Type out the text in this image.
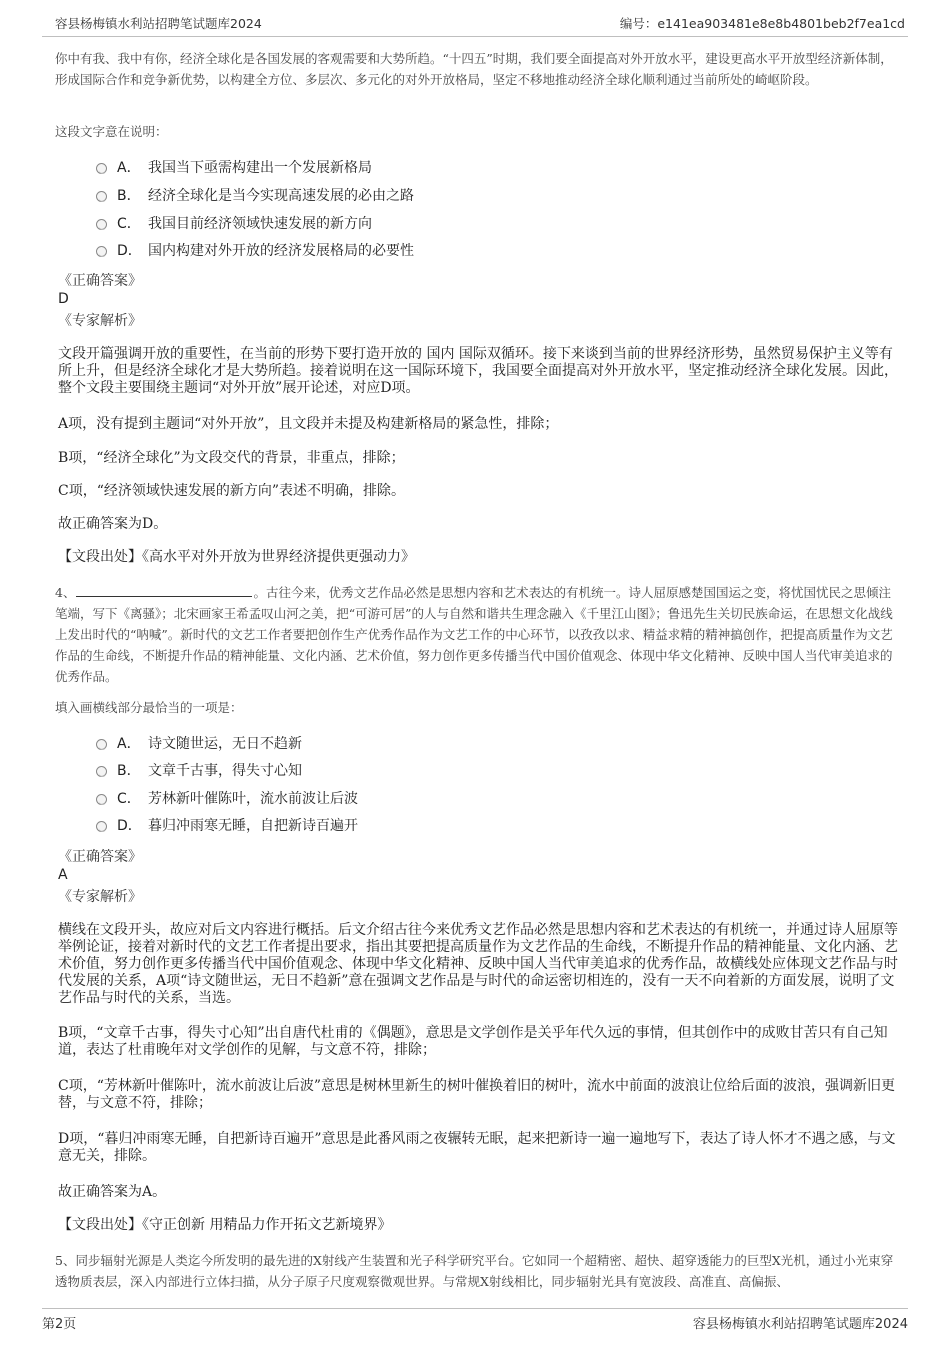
容县杨梅镇水利站招聘笔试题库2024	编号：e141ea903481e8e8b4801beb2f7ea1cd

你中有我、我中有你，经济全球化是各国发展的客观需要和大势所趋。“十四五”时期，我们要全面提高对外开放水平，建设更高水平开放型经济新体制，形成国际合作和竞争新优势，以构建全方位、多层次、多元化的对外开放格局，坚定不移地推动经济全球化顺利通过当前所处的崎岖阶段。

这段文字意在说明：

A． 我国当下亟需构建出一个发展新格局
B． 经济全球化是当今实现高速发展的必由之路
C． 我国目前经济领域快速发展的新方向
D． 国内构建对外开放的经济发展格局的必要性

《正确答案》

D

《专家解析》

文段开篇强调开放的重要性，在当前的形势下要打造开放的 国内 国际双循环。接下来谈到当前的世界经济形势，虽然贸易保护主义等有所上升，但是经济全球化才是大势所趋。接着说明在这一国际环境下，我国要全面提高对外开放水平，坚定推动经济全球化发展。因此，整个文段主要围绕主题词“对外开放”展开论述，对应D项。

A项，没有提到主题词“对外开放”，且文段并未提及构建新格局的紧急性，排除；

B项，“经济全球化”为文段交代的背景，非重点，排除；

C项，“经济领域快速发展的新方向”表述不明确，排除。

故正确答案为D。

【文段出处】《高水平对外开放为世界经济提供更强动力》

4、	。古往今来，优秀文艺作品必然是思想内容和艺术表达的有机统一。诗人屈原感楚国国运之变，将忧国忧民之思倾注笔端，写下《离骚》；北宋画家王希孟叹山河之美，把“可游可居”的人与自然和谐共生理念融入《千里江山图》；鲁迅先生关切民族命运，在思想文化战线上发出时代的“呐喊”。新时代的文艺工作者要把创作生产优秀作品作为文艺工作的中心环节，以孜孜以求、精益求精的精神搞创作，把提高质量作为文艺作品的生命线，不断提升作品的精神能量、文化内涵、艺术价值，努力创作更多传播当代中国价值观念、体现中华文化精神、反映中国人当代审美追求的优秀作品。

填入画横线部分最恰当的一项是：

A． 诗文随世运，无日不趋新
B． 文章千古事，得失寸心知
C． 芳林新叶催陈叶，流水前波让后波
D． 暮归冲雨寒无睡，自把新诗百遍开

《正确答案》

A

《专家解析》

横线在文段开头，故应对后文内容进行概括。后文介绍古往今来优秀文艺作品必然是思想内容和艺术表达的有机统一，并通过诗人屈原等举例论证，接着对新时代的文艺工作者提出要求，指出其要把提高质量作为文艺作品的生命线，不断提升作品的精神能量、文化内涵、艺术价值，努力创作更多传播当代中国价值观念、体现中华文化精神、反映中国人当代审美追求的优秀作品，故横线处应体现文艺作品与时代发展的关系，A项“诗文随世运，无日不趋新”意在强调文艺作品是与时代的命运密切相连的，没有一天不向着新的方面发展，说明了文艺作品与时代的关系，当选。

B项，“文章千古事，得失寸心知”出自唐代杜甫的《偶题》，意思是文学创作是关乎年代久远的事情，但其创作中的成败甘苦只有自己知道，表达了杜甫晚年对文学创作的见解，与文意不符，排除；

C项，“芳林新叶催陈叶，流水前波让后波”意思是树林里新生的树叶催换着旧的树叶，流水中前面的波浪让位给后面的波浪，强调新旧更替，与文意不符，排除；

D项，“暮归冲雨寒无睡，自把新诗百遍开”意思是此番风雨之夜辗转无眠，起来把新诗一遍一遍地写下，表达了诗人怀才不遇之感，与文意无关，排除。

故正确答案为A。

【文段出处】《守正创新 用精品力作开拓文艺新境界》

5、同步辐射光源是人类迄今所发明的最先进的X射线产生装置和光子科学研究平台。它如同一个超精密、超快、超穿透能力的巨型X光机，通过小光束穿透物质表层，深入内部进行立体扫描，从分子原子尺度观察微观世界。与常规X射线相比，同步辐射光具有宽波段、高准直、高偏振、

第2页	容县杨梅镇水利站招聘笔试题库2024
